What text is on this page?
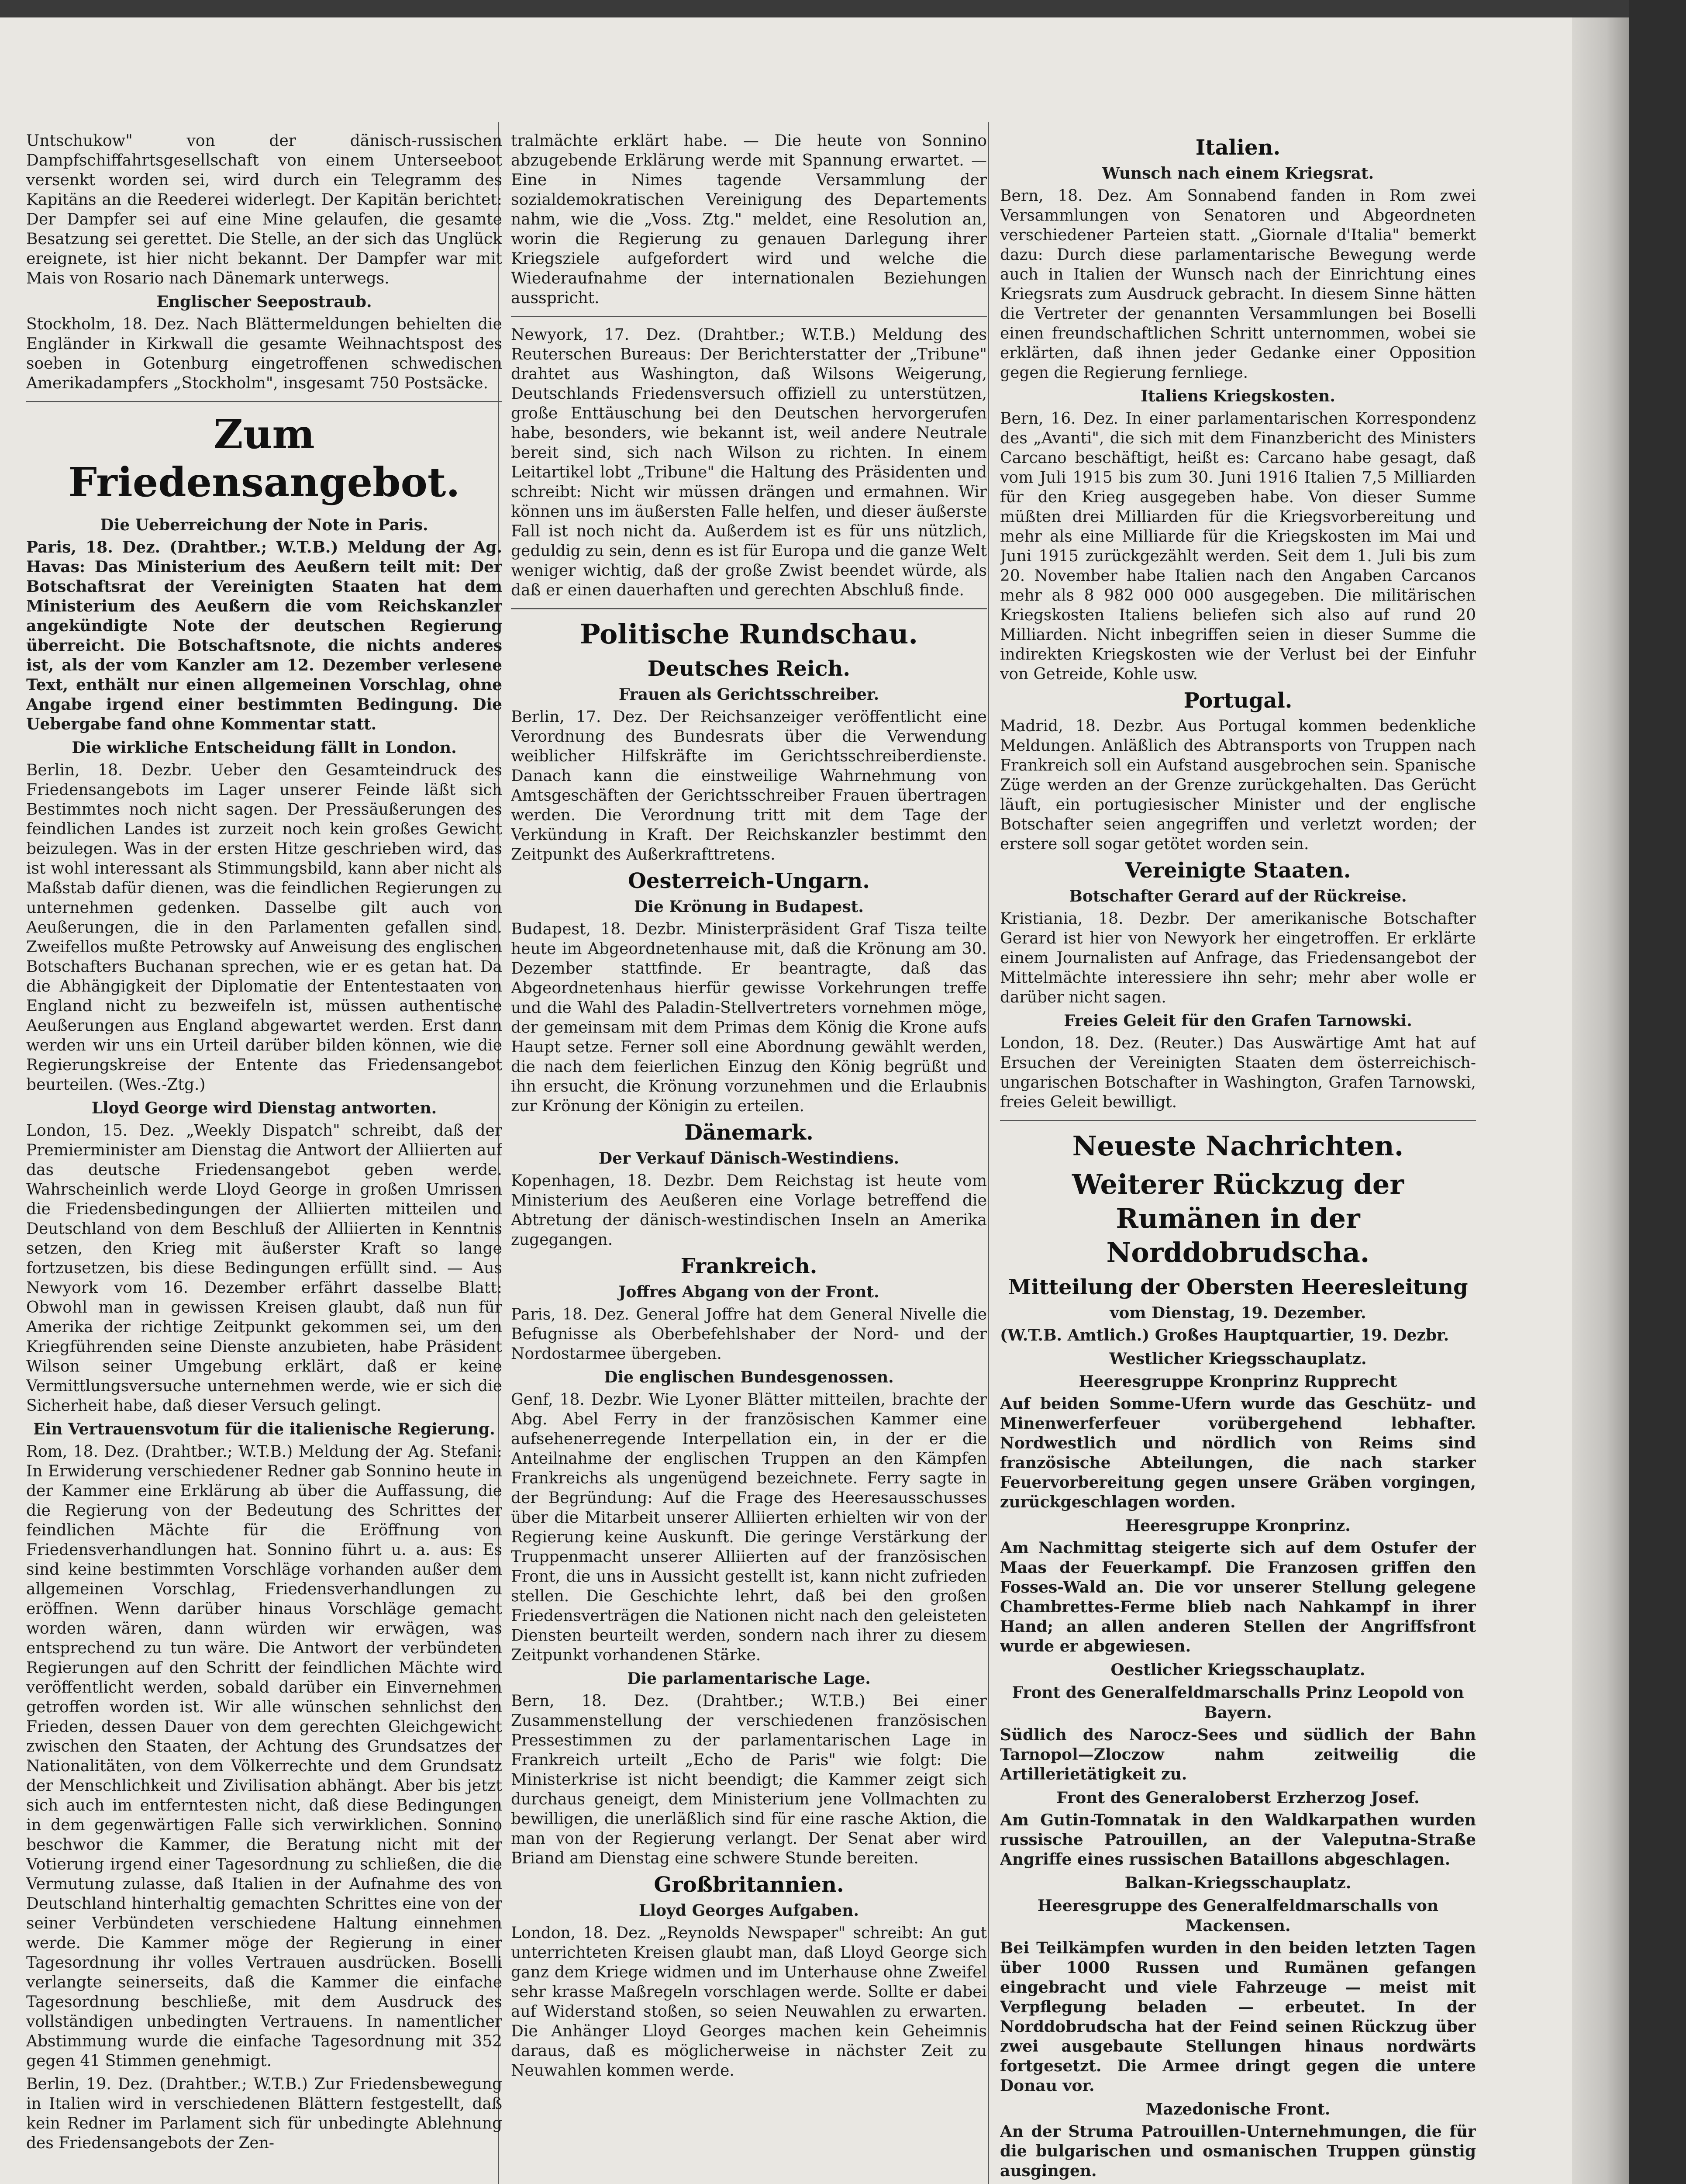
Untschukow" von der dänisch-russischen Dampfschiffahrtsgesellschaft von einem Unterseeboot versenkt worden sei, wird durch ein Telegramm des Kapitäns an die Reederei widerlegt. Der Kapitän berichtet: Der Dampfer sei auf eine Mine gelaufen, die gesamte Besatzung sei gerettet. Die Stelle, an der sich das Unglück ereignete, ist hier nicht bekannt. Der Dampfer war mit Mais von Rosario nach Dänemark unterwegs.

Englischer Seepostraub.

Stockholm, 18. Dez. Nach Blättermeldungen behielten die Engländer in Kirkwall die gesamte Weihnachtspost des soeben in Gotenburg eingetroffenen schwedischen Amerikadampfers „Stockholm", insgesamt 750 Postsäcke.

Zum Friedensangebot.
Die Ueberreichung der Note in Paris.

Paris, 18. Dez. (Drahtber.; W.T.B.) Meldung der Ag. Havas: Das Ministerium des Aeußern teilt mit: Der Botschaftsrat der Vereinigten Staaten hat dem Ministerium des Aeußern die vom Reichskanzler angekündigte Note der deutschen Regierung überreicht. Die Botschaftsnote, die nichts anderes ist, als der vom Kanzler am 12. Dezember verlesene Text, enthält nur einen allgemeinen Vorschlag, ohne Angabe irgend einer bestimmten Bedingung. Die Uebergabe fand ohne Kommentar statt.

Die wirkliche Entscheidung fällt in London.

Berlin, 18. Dezbr. Ueber den Gesamteindruck des Friedensangebots im Lager unserer Feinde läßt sich Bestimmtes noch nicht sagen. Der Pressäußerungen des feindlichen Landes ist zurzeit noch kein großes Gewicht beizulegen. Was in der ersten Hitze geschrieben wird, das ist wohl interessant als Stimmungsbild, kann aber nicht als Maßstab dafür dienen, was die feindlichen Regierungen zu unternehmen gedenken. Dasselbe gilt auch von Aeußerungen, die in den Parlamenten gefallen sind. Zweifellos mußte Petrowsky auf Anweisung des englischen Botschafters Buchanan sprechen, wie er es getan hat. Da die Abhängigkeit der Diplomatie der Ententestaaten von England nicht zu bezweifeln ist, müssen authentische Aeußerungen aus England abgewartet werden. Erst dann werden wir uns ein Urteil darüber bilden können, wie die Regierungskreise der Entente das Friedensangebot beurteilen. (Wes.-Ztg.)

Lloyd George wird Dienstag antworten.

London, 15. Dez. „Weekly Dispatch" schreibt, daß der Premierminister am Dienstag die Antwort der Alliierten auf das deutsche Friedensangebot geben werde. Wahrscheinlich werde Lloyd George in großen Umrissen die Friedensbedingungen der Alliierten mitteilen und Deutschland von dem Beschluß der Alliierten in Kenntnis setzen, den Krieg mit äußerster Kraft so lange fortzusetzen, bis diese Bedingungen erfüllt sind. — Aus Newyork vom 16. Dezember erfährt dasselbe Blatt: Obwohl man in gewissen Kreisen glaubt, daß nun für Amerika der richtige Zeitpunkt gekommen sei, um den Kriegführenden seine Dienste anzubieten, habe Präsident Wilson seiner Umgebung erklärt, daß er keine Vermittlungsversuche unternehmen werde, wie er sich die Sicherheit habe, daß dieser Versuch gelingt.

Ein Vertrauensvotum für die italienische Regierung.

Rom, 18. Dez. (Drahtber.; W.T.B.) Meldung der Ag. Stefani: In Erwiderung verschiedener Redner gab Sonnino heute in der Kammer eine Erklärung ab über die Auffassung, die die Regierung von der Bedeutung des Schrittes der feindlichen Mächte für die Eröffnung von Friedensverhandlungen hat. Sonnino führt u. a. aus: Es sind keine bestimmten Vorschläge vorhanden außer dem allgemeinen Vorschlag, Friedensverhandlungen zu eröffnen. Wenn darüber hinaus Vorschläge gemacht worden wären, dann würden wir erwägen, was entsprechend zu tun wäre. Die Antwort der verbündeten Regierungen auf den Schritt der feindlichen Mächte wird veröffentlicht werden, sobald darüber ein Einvernehmen getroffen worden ist. Wir alle wünschen sehnlichst den Frieden, dessen Dauer von dem gerechten Gleichgewicht zwischen den Staaten, der Achtung des Grundsatzes der Nationalitäten, von dem Völkerrechte und dem Grundsatz der Menschlichkeit und Zivilisation abhängt. Aber bis jetzt sich auch im entferntesten nicht, daß diese Bedingungen in dem gegenwärtigen Falle sich verwirklichen. Sonnino beschwor die Kammer, die Beratung nicht mit der Votierung irgend einer Tagesordnung zu schließen, die die Vermutung zulasse, daß Italien in der Aufnahme des von Deutschland hinterhaltig gemachten Schrittes eine von der seiner Verbündeten verschiedene Haltung einnehmen werde. Die Kammer möge der Regierung in einer Tagesordnung ihr volles Vertrauen ausdrücken. Boselli verlangte seinerseits, daß die Kammer die einfache Tagesordnung beschließe, mit dem Ausdruck des vollständigen unbedingten Vertrauens. In namentlicher Abstimmung wurde die einfache Tagesordnung mit 352 gegen 41 Stimmen genehmigt.

Berlin, 19. Dez. (Drahtber.; W.T.B.) Zur Friedensbewegung in Italien wird in verschiedenen Blättern festgestellt, daß kein Redner im Parlament sich für unbedingte Ablehnung des Friedensangebots der Zen-

tralmächte erklärt habe. — Die heute von Sonnino abzugebende Erklärung werde mit Spannung erwartet. — Eine in Nimes tagende Versammlung der sozialdemokratischen Vereinigung des Departements nahm, wie die „Voss. Ztg." meldet, eine Resolution an, worin die Regierung zu genauen Darlegung ihrer Kriegsziele aufgefordert wird und welche die Wiederaufnahme der internationalen Beziehungen ausspricht.

Newyork, 17. Dez. (Drahtber.; W.T.B.) Meldung des Reuterschen Bureaus: Der Berichterstatter der „Tribune" drahtet aus Washington, daß Wilsons Weigerung, Deutschlands Friedensversuch offiziell zu unterstützen, große Enttäuschung bei den Deutschen hervorgerufen habe, besonders, wie bekannt ist, weil andere Neutrale bereit sind, sich nach Wilson zu richten. In einem Leitartikel lobt „Tribune" die Haltung des Präsidenten und schreibt: Nicht wir müssen drängen und ermahnen. Wir können uns im äußersten Falle helfen, und dieser äußerste Fall ist noch nicht da. Außerdem ist es für uns nützlich, geduldig zu sein, denn es ist für Europa und die ganze Welt weniger wichtig, daß der große Zwist beendet würde, als daß er einen dauerhaften und gerechten Abschluß finde.

Politische Rundschau.
Deutsches Reich.
Frauen als Gerichtsschreiber.

Berlin, 17. Dez. Der Reichsanzeiger veröffentlicht eine Verordnung des Bundesrats über die Verwendung weiblicher Hilfskräfte im Gerichtsschreiberdienste. Danach kann die einstweilige Wahrnehmung von Amtsgeschäften der Gerichtsschreiber Frauen übertragen werden. Die Verordnung tritt mit dem Tage der Verkündung in Kraft. Der Reichskanzler bestimmt den Zeitpunkt des Außerkrafttretens.

Oesterreich-Ungarn.
Die Krönung in Budapest.

Budapest, 18. Dezbr. Ministerpräsident Graf Tisza teilte heute im Abgeordnetenhause mit, daß die Krönung am 30. Dezember stattfinde. Er beantragte, daß das Abgeordnetenhaus hierfür gewisse Vorkehrungen treffe und die Wahl des Paladin-Stellvertreters vornehmen möge, der gemeinsam mit dem Primas dem König die Krone aufs Haupt setze. Ferner soll eine Abordnung gewählt werden, die nach dem feierlichen Einzug den König begrüßt und ihn ersucht, die Krönung vorzunehmen und die Erlaubnis zur Krönung der Königin zu erteilen.

Dänemark.
Der Verkauf Dänisch-Westindiens.

Kopenhagen, 18. Dezbr. Dem Reichstag ist heute vom Ministerium des Aeußeren eine Vorlage betreffend die Abtretung der dänisch-westindischen Inseln an Amerika zugegangen.

Frankreich.
Joffres Abgang von der Front.

Paris, 18. Dez. General Joffre hat dem General Nivelle die Befugnisse als Oberbefehlshaber der Nord- und der Nordostarmee übergeben.

Die englischen Bundesgenossen.

Genf, 18. Dezbr. Wie Lyoner Blätter mitteilen, brachte der Abg. Abel Ferry in der französischen Kammer eine aufsehenerregende Interpellation ein, in der er die Anteilnahme der englischen Truppen an den Kämpfen Frankreichs als ungenügend bezeichnete. Ferry sagte in der Begründung: Auf die Frage des Heeresausschusses über die Mitarbeit unserer Alliierten erhielten wir von der Regierung keine Auskunft. Die geringe Verstärkung der Truppenmacht unserer Alliierten auf der französischen Front, die uns in Aussicht gestellt ist, kann nicht zufrieden stellen. Die Geschichte lehrt, daß bei den großen Friedensverträgen die Nationen nicht nach den geleisteten Diensten beurteilt werden, sondern nach ihrer zu diesem Zeitpunkt vorhandenen Stärke.

Die parlamentarische Lage.

Bern, 18. Dez. (Drahtber.; W.T.B.) Bei einer Zusammenstellung der verschiedenen französischen Pressestimmen zu der parlamentarischen Lage in Frankreich urteilt „Echo de Paris" wie folgt: Die Ministerkrise ist nicht beendigt; die Kammer zeigt sich durchaus geneigt, dem Ministerium jene Vollmachten zu bewilligen, die unerläßlich sind für eine rasche Aktion, die man von der Regierung verlangt. Der Senat aber wird Briand am Dienstag eine schwere Stunde bereiten.

Großbritannien.
Lloyd Georges Aufgaben.

London, 18. Dez. „Reynolds Newspaper" schreibt: An gut unterrichteten Kreisen glaubt man, daß Lloyd George sich ganz dem Kriege widmen und im Unterhause ohne Zweifel sehr krasse Maßregeln vorschlagen werde. Sollte er dabei auf Widerstand stoßen, so seien Neuwahlen zu erwarten. Die Anhänger Lloyd Georges machen kein Geheimnis daraus, daß es möglicherweise in nächster Zeit zu Neuwahlen kommen werde.

Italien.
Wunsch nach einem Kriegsrat.

Bern, 18. Dez. Am Sonnabend fanden in Rom zwei Versammlungen von Senatoren und Abgeordneten verschiedener Parteien statt. „Giornale d'Italia" bemerkt dazu: Durch diese parlamentarische Bewegung werde auch in Italien der Wunsch nach der Einrichtung eines Kriegsrats zum Ausdruck gebracht. In diesem Sinne hätten die Vertreter der genannten Versammlungen bei Boselli einen freundschaftlichen Schritt unternommen, wobei sie erklärten, daß ihnen jeder Gedanke einer Opposition gegen die Regierung fernliege.

Italiens Kriegskosten.

Bern, 16. Dez. In einer parlamentarischen Korrespondenz des „Avanti", die sich mit dem Finanzbericht des Ministers Carcano beschäftigt, heißt es: Carcano habe gesagt, daß vom Juli 1915 bis zum 30. Juni 1916 Italien 7,5 Milliarden für den Krieg ausgegeben habe. Von dieser Summe müßten drei Milliarden für die Kriegsvorbereitung und mehr als eine Milliarde für die Kriegskosten im Mai und Juni 1915 zurückgezählt werden. Seit dem 1. Juli bis zum 20. November habe Italien nach den Angaben Carcanos mehr als 8 982 000 000 ausgegeben. Die militärischen Kriegskosten Italiens beliefen sich also auf rund 20 Milliarden. Nicht inbegriffen seien in dieser Summe die indirekten Kriegskosten wie der Verlust bei der Einfuhr von Getreide, Kohle usw.

Portugal.

Madrid, 18. Dezbr. Aus Portugal kommen bedenkliche Meldungen. Anläßlich des Abtransports von Truppen nach Frankreich soll ein Aufstand ausgebrochen sein. Spanische Züge werden an der Grenze zurückgehalten. Das Gerücht läuft, ein portugiesischer Minister und der englische Botschafter seien angegriffen und verletzt worden; der erstere soll sogar getötet worden sein.

Vereinigte Staaten.
Botschafter Gerard auf der Rückreise.

Kristiania, 18. Dezbr. Der amerikanische Botschafter Gerard ist hier von Newyork her eingetroffen. Er erklärte einem Journalisten auf Anfrage, das Friedensangebot der Mittelmächte interessiere ihn sehr; mehr aber wolle er darüber nicht sagen.

Freies Geleit für den Grafen Tarnowski.

London, 18. Dez. (Reuter.) Das Auswärtige Amt hat auf Ersuchen der Vereinigten Staaten dem österreichisch-ungarischen Botschafter in Washington, Grafen Tarnowski, freies Geleit bewilligt.

Neueste Nachrichten.
Weiterer Rückzug der Rumänen in der Norddobrudscha.
Mitteilung der Obersten Heeresleitung
vom Dienstag, 19. Dezember.

(W.T.B. Amtlich.) Großes Hauptquartier, 19. Dezbr.

Westlicher Kriegsschauplatz.
Heeresgruppe Kronprinz Rupprecht

Auf beiden Somme-Ufern wurde das Geschütz- und Minenwerferfeuer vorübergehend lebhafter. Nordwestlich und nördlich von Reims sind französische Abteilungen, die nach starker Feuervorbereitung gegen unsere Gräben vorgingen, zurückgeschlagen worden.

Heeresgruppe Kronprinz.

Am Nachmittag steigerte sich auf dem Ostufer der Maas der Feuerkampf. Die Franzosen griffen den Fosses-Wald an. Die vor unserer Stellung gelegene Chambrettes-Ferme blieb nach Nahkampf in ihrer Hand; an allen anderen Stellen der Angriffsfront wurde er abgewiesen.

Oestlicher Kriegsschauplatz.
Front des Generalfeldmarschalls Prinz Leopold von Bayern.

Südlich des Narocz-Sees und südlich der Bahn Tarnopol—Zloczow nahm zeitweilig die Artillerietätigkeit zu.

Front des Generaloberst Erzherzog Josef.

Am Gutin-Tomnatak in den Waldkarpathen wurden russische Patrouillen, an der Valeputna-Straße Angriffe eines russischen Bataillons abgeschlagen.

Balkan-Kriegsschauplatz.
Heeresgruppe des Generalfeldmarschalls von Mackensen.

Bei Teilkämpfen wurden in den beiden letzten Tagen über 1000 Russen und Rumänen gefangen eingebracht und viele Fahrzeuge — meist mit Verpflegung beladen — erbeutet. In der Norddobrudscha hat der Feind seinen Rückzug über zwei ausgebaute Stellungen hinaus nordwärts fortgesetzt. Die Armee dringt gegen die untere Donau vor.

Mazedonische Front.

An der Struma Patrouillen-Unternehmungen, die für die bulgarischen und osmanischen Truppen günstig ausgingen.
